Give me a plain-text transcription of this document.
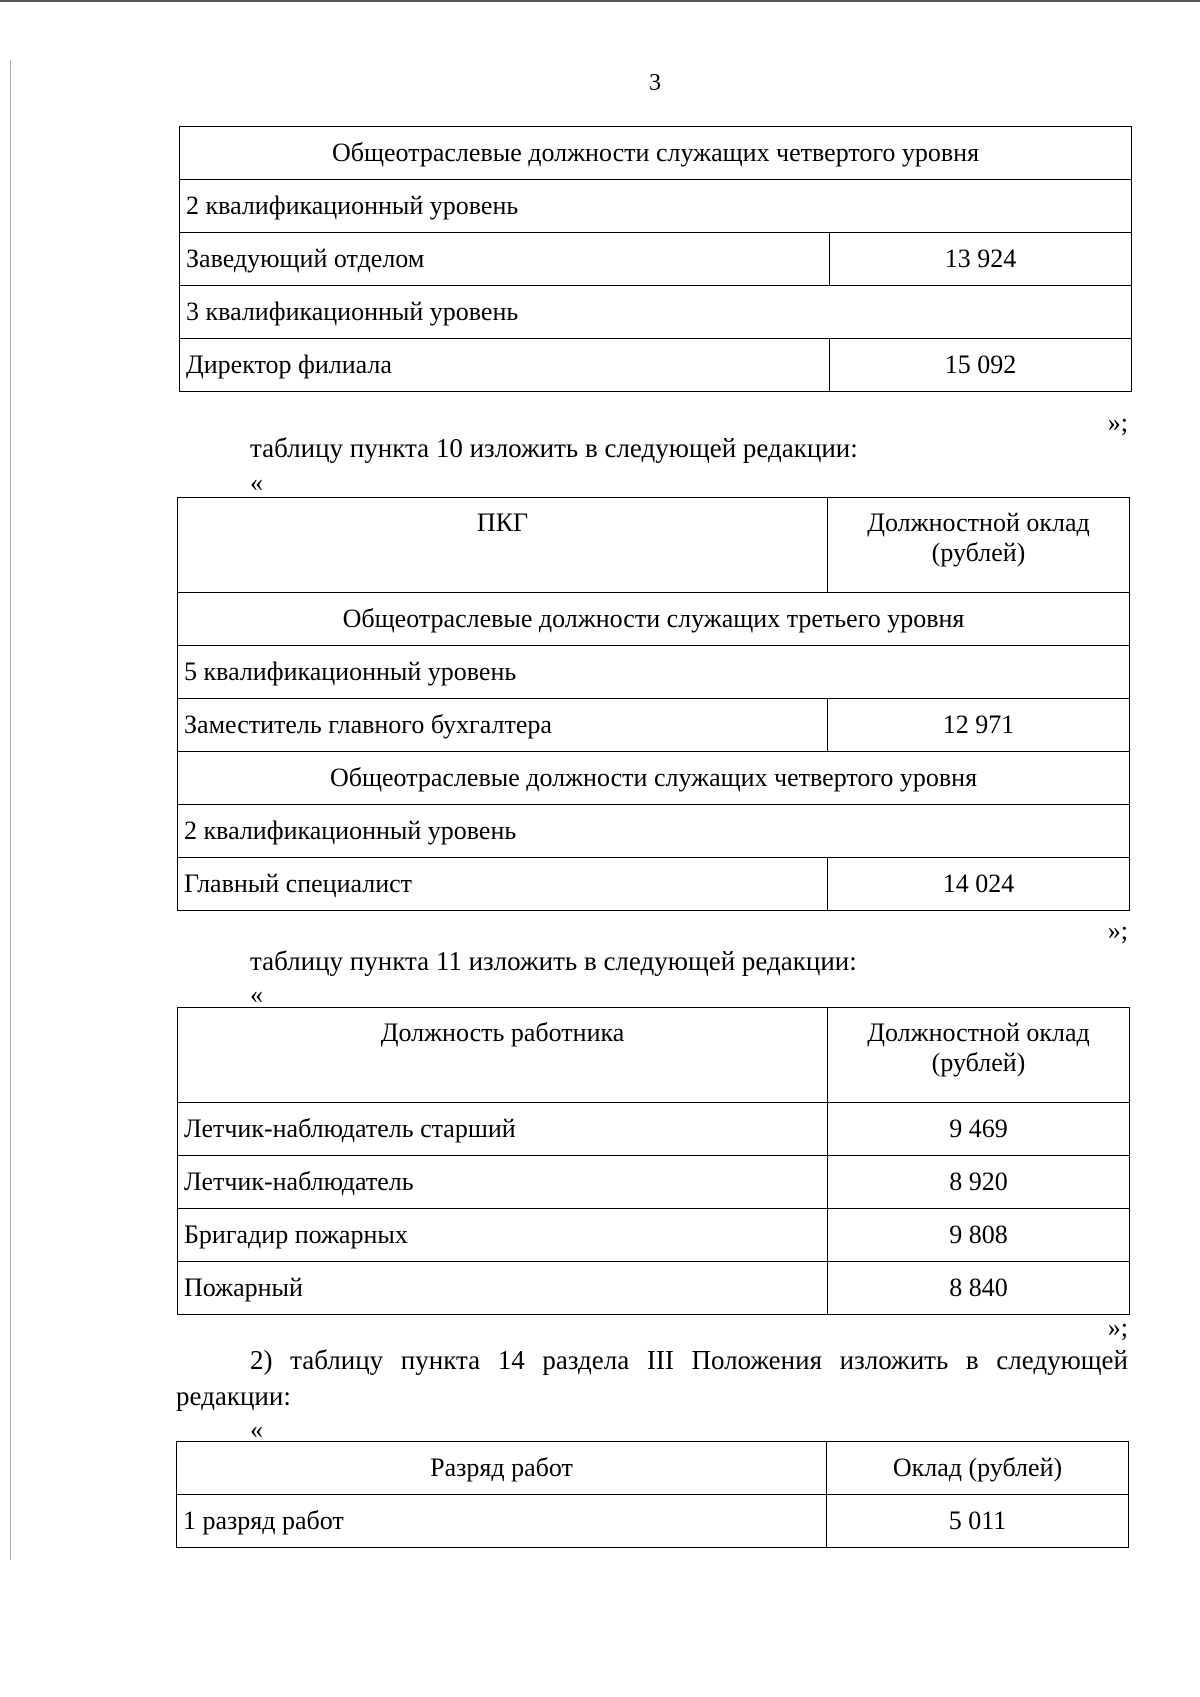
3
Общеотраслевые должности служащих четвертого уровня	
2 квалификационный уровень	
Заведующий отделом	13 924
3 квалификационный уровень	
Директор филиала	15 092
»;
таблицу пункта 10 изложить в следующей редакции:
«
ПКГ	Должностной оклад (рублей)
Общеотраслевые должности служащих третьего уровня	
5 квалификационный уровень	
Заместитель главного бухгалтера	12 971
Общеотраслевые должности служащих четвертого уровня	
2 квалификационный уровень	
Главный специалист	14 024
»;
таблицу пункта 11 изложить в следующей редакции:
«
Должность работника	Должностной оклад (рублей)
Летчик-наблюдатель старший	9 469
Летчик-наблюдатель	8 920
Бригадир пожарных	9 808
Пожарный	8 840
»;
2) таблицу пункта 14 раздела III Положения изложить в следующей
редакции:
«
Разряд работ	Оклад (рублей)
1 разряд работ	5 011
